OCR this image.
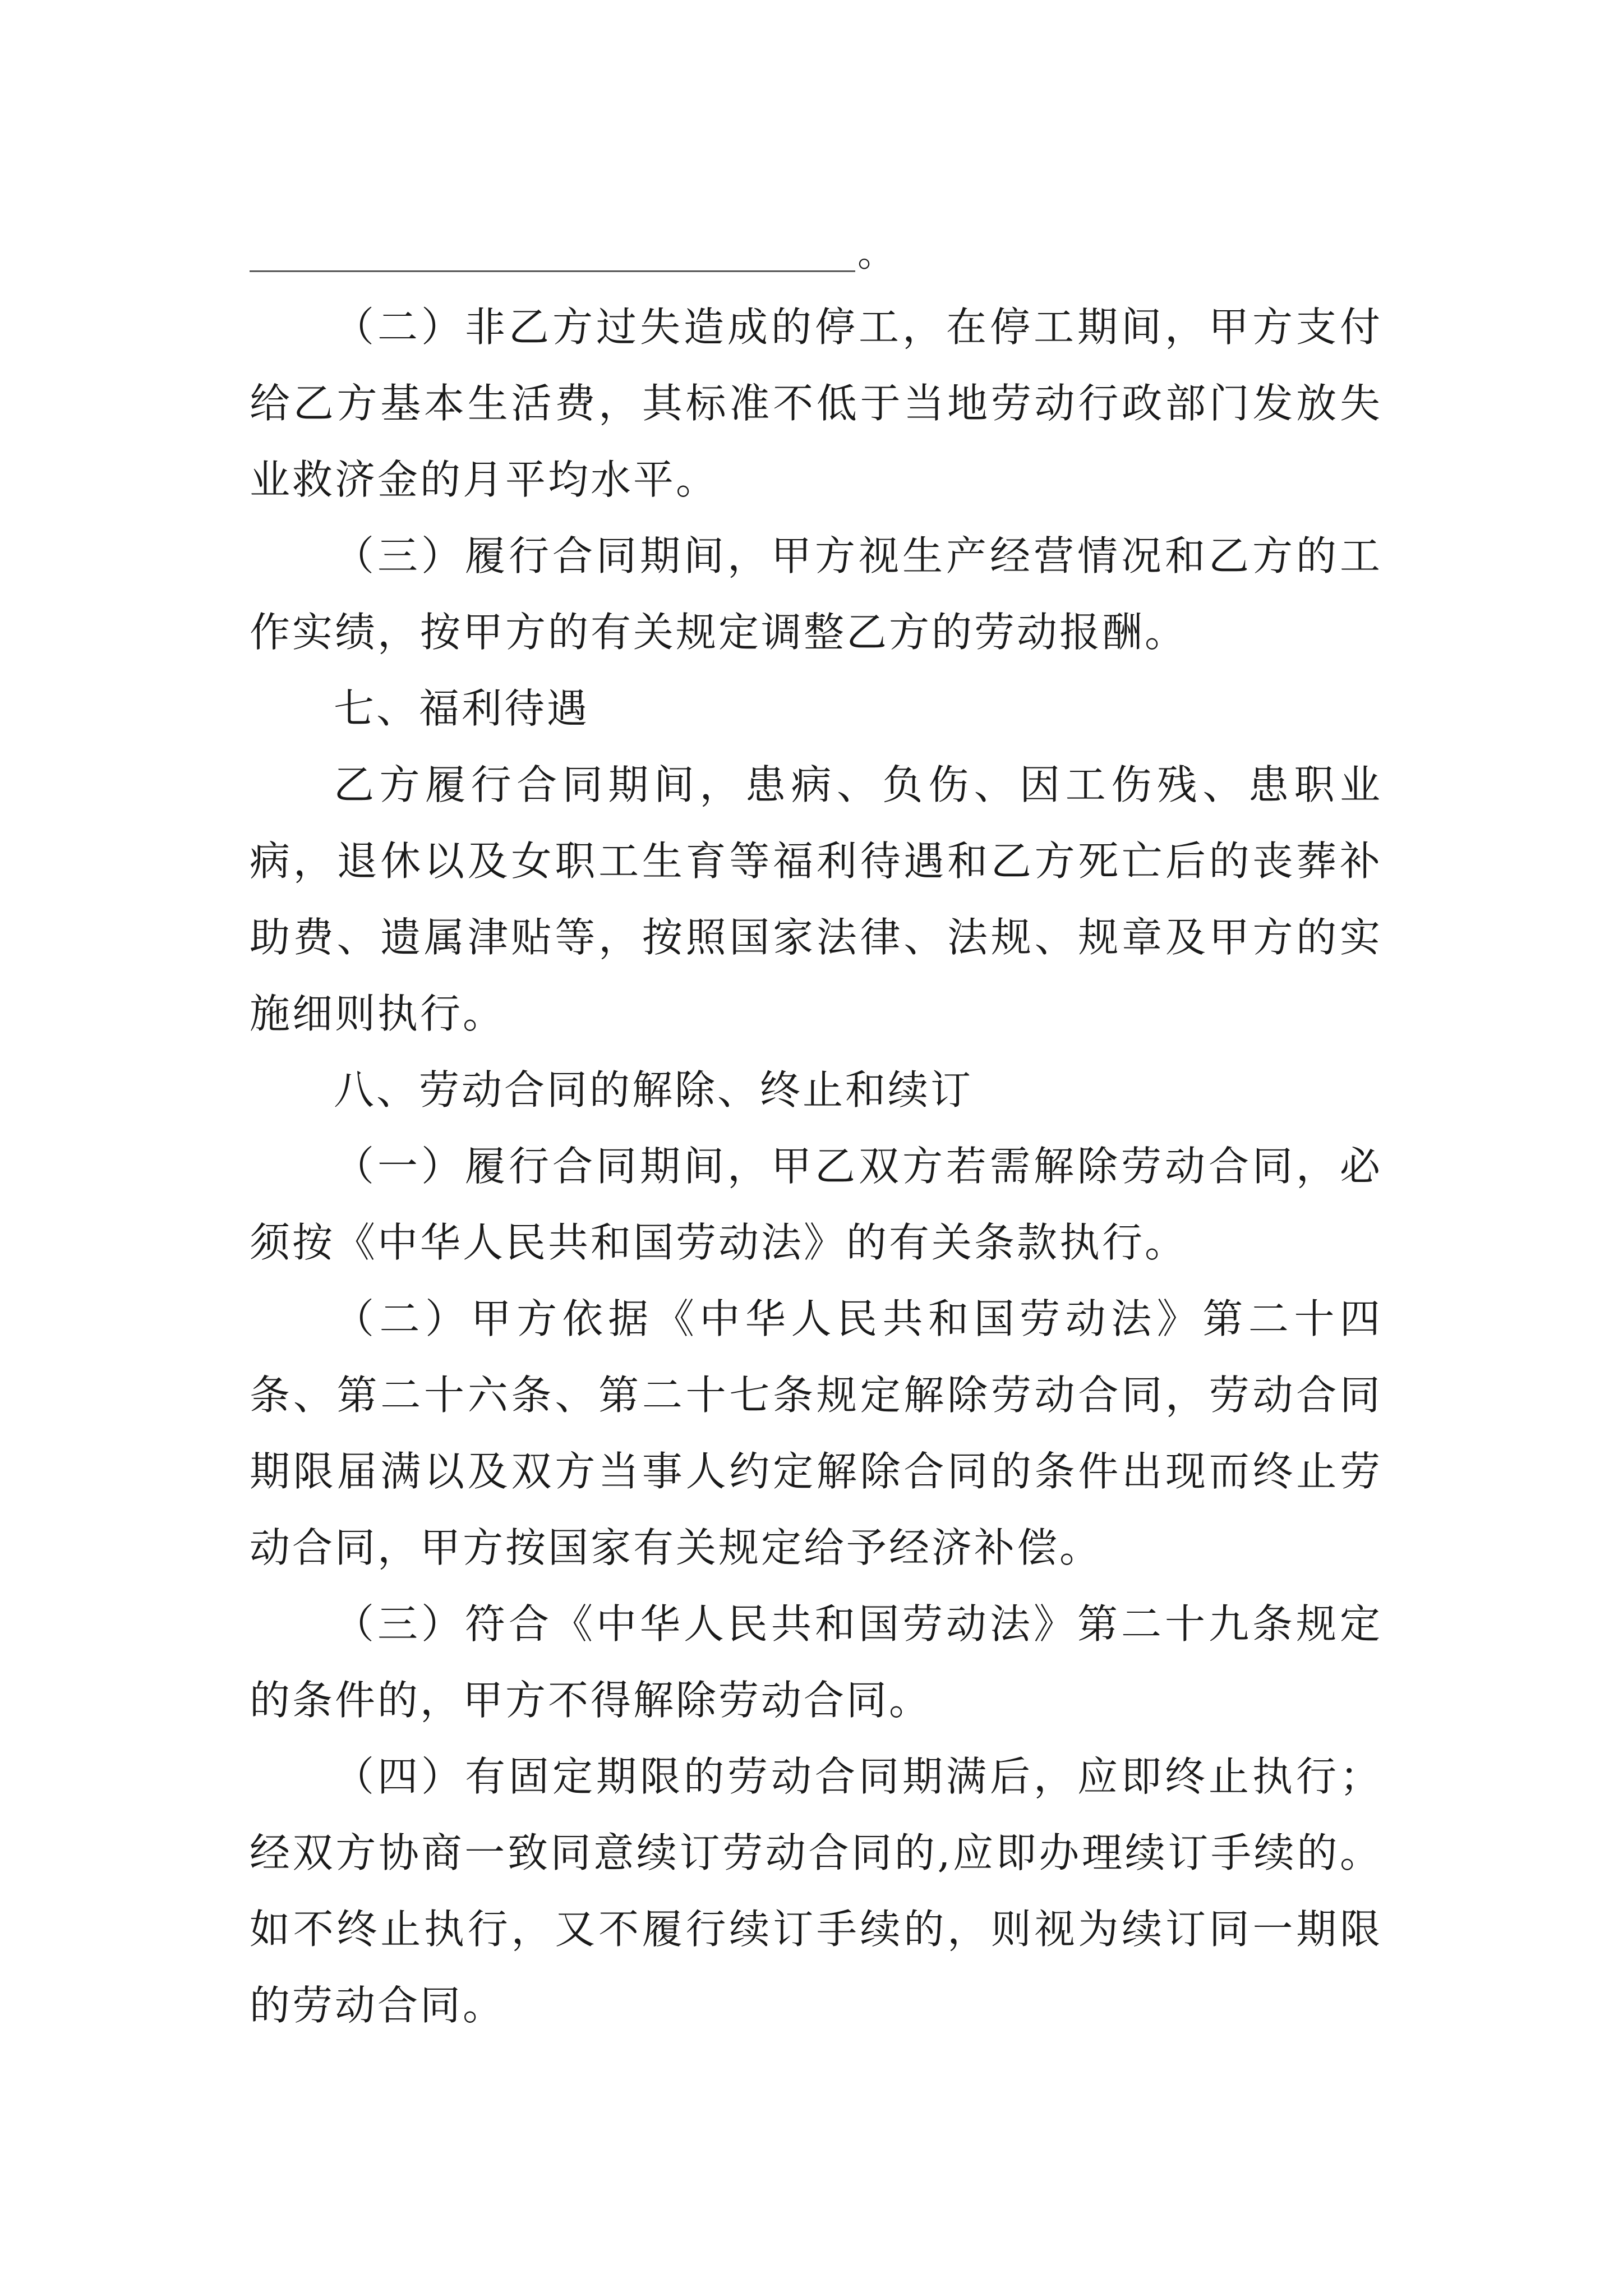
。

（二）非乙方过失造成的停工，在停工期间，甲方支付给乙方基本生活费，其标准不低于当地劳动行政部门发放失业救济金的月平均水平。

（三）履行合同期间，甲方视生产经营情况和乙方的工作实绩，按甲方的有关规定调整乙方的劳动报酬。

七、福利待遇

乙方履行合同期间，患病、负伤、因工伤残、患职业病，退休以及女职工生育等福利待遇和乙方死亡后的丧葬补助费、遗属津贴等，按照国家法律、法规、规章及甲方的实施细则执行。

八、劳动合同的解除、终止和续订

（一）履行合同期间，甲乙双方若需解除劳动合同，必须按《中华人民共和国劳动法》的有关条款执行。

（二）甲方依据《中华人民共和国劳动法》第二十四条、第二十六条、第二十七条规定解除劳动合同，劳动合同期限届满以及双方当事人约定解除合同的条件出现而终止劳动合同，甲方按国家有关规定给予经济补偿。

（三）符合《中华人民共和国劳动法》第二十九条规定的条件的，甲方不得解除劳动合同。

（四）有固定期限的劳动合同期满后，应即终止执行；经双方协商一致同意续订劳动合同的,应即办理续订手续的。如不终止执行，又不履行续订手续的，则视为续订同一期限的劳动合同。
